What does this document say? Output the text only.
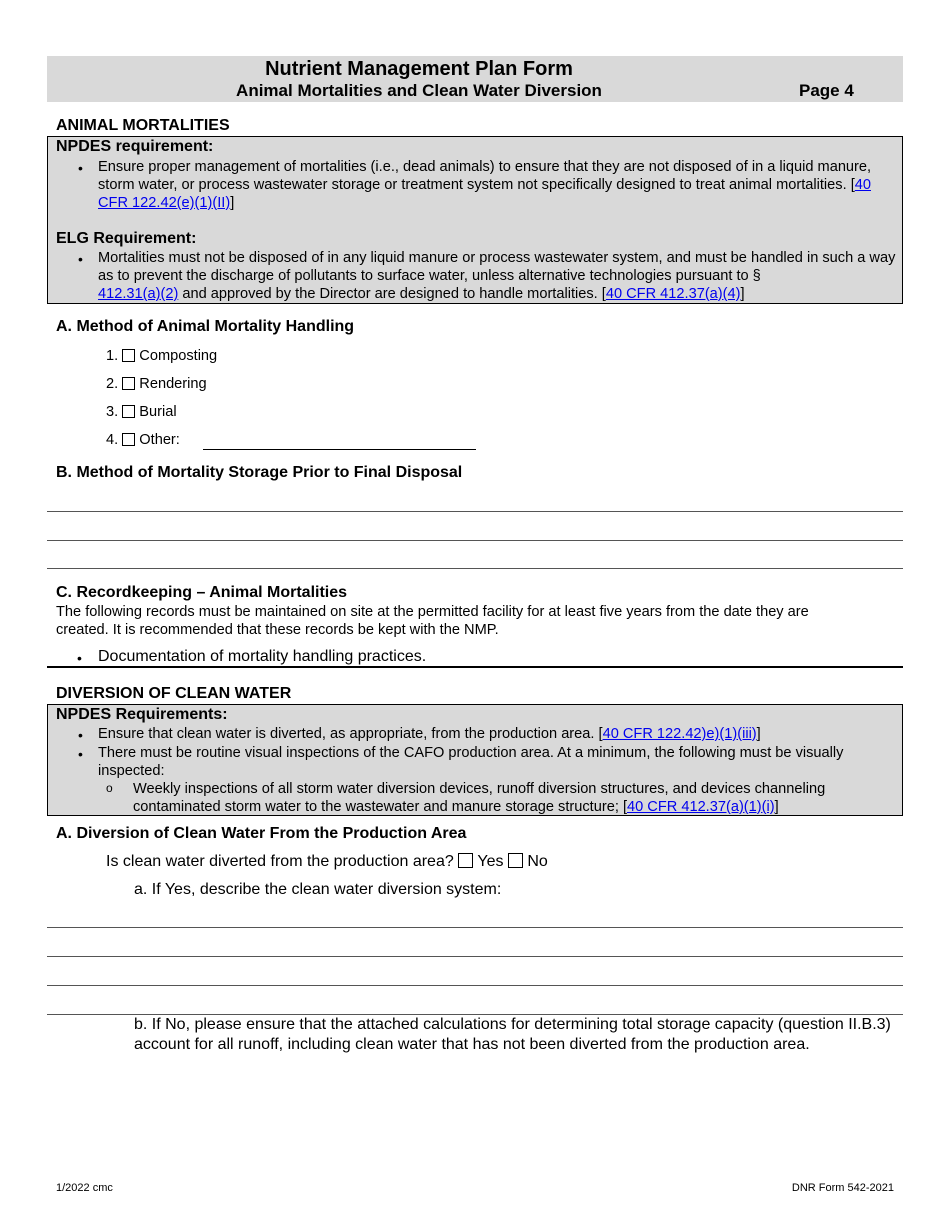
Nutrient Management Plan Form
Animal Mortalities and Clean Water Diversion	Page 4
ANIMAL MORTALITIES
NPDES requirement:
• Ensure proper management of mortalities (i.e., dead animals) to ensure that they are not disposed of in a liquid manure, storm water, or process wastewater storage or treatment system not specifically designed to treat animal mortalities. [40 CFR 122.42(e)(1)(II)]
ELG Requirement:
• Mortalities must not be disposed of in any liquid manure or process wastewater system, and must be handled in such a way as to prevent the discharge of pollutants to surface water, unless alternative technologies pursuant to §
412.31(a)(2) and approved by the Director are designed to handle mortalities. [40 CFR 412.37(a)(4)]
A. Method of Animal Mortality Handling
1. Composting
2. Rendering
3. Burial
4. Other:
B. Method of Mortality Storage Prior to Final Disposal
C. Recordkeeping – Animal Mortalities
The following records must be maintained on site at the permitted facility for at least five years from the date they are
created. It is recommended that these records be kept with the NMP.
• Documentation of mortality handling practices.
DIVERSION OF CLEAN WATER
NPDES Requirements:
• Ensure that clean water is diverted, as appropriate, from the production area. [40 CFR 122.42)e)(1)(iii)]
• There must be routine visual inspections of the CAFO production area. At a minimum, the following must be visually inspected:
o Weekly inspections of all storm water diversion devices, runoff diversion structures, and devices channeling contaminated storm water to the wastewater and manure storage structure; [40 CFR 412.37(a)(1)(i)]
A. Diversion of Clean Water From the Production Area
Is clean water diverted from the production area? Yes No
a. If Yes, describe the clean water diversion system:
b. If No, please ensure that the attached calculations for determining total storage capacity (question II.B.3) account for all runoff, including clean water that has not been diverted from the production area.
1/2022 cmc	DNR Form 542-2021
